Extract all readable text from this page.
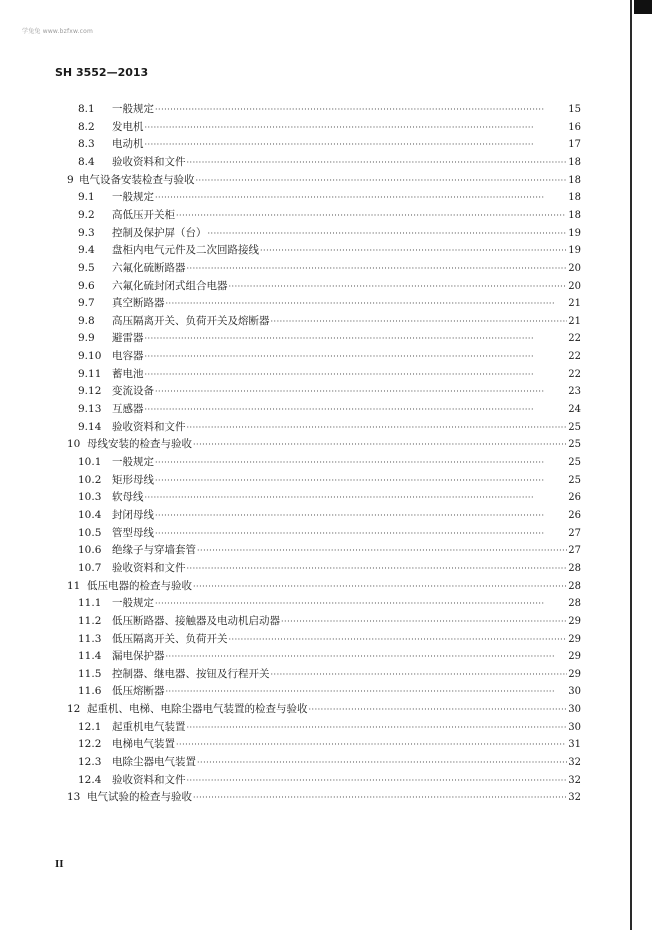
学兔兔 www.bzfxw.com
SH 3552—2013
8.1	一般规定 ·····	15
8.2	发电机 ·····	16
8.3	电动机 ·····	17
8.4	验收资料和文件 ·····	18
9 电气设备安装检查与验收 ·····	18
9.1	一般规定 ·····	18
9.2	高低压开关柜 ·····	18
9.3	控制及保护屏（台） ·····	19
9.4	盘柜内电气元件及二次回路接线 ·····	19
9.5	六氟化硫断路器 ·····	20
9.6	六氟化硫封闭式组合电器 ·····	20
9.7	真空断路器 ·····	21
9.8	高压隔离开关、负荷开关及熔断器 ·····	21
9.9	避雷器 ·····	22
9.10	电容器 ·····	22
9.11	蓄电池 ·····	22
9.12	变流设备 ·····	23
9.13	互感器 ·····	24
9.14	验收资料和文件 ·····	25
10 母线安装的检查与验收 ·····	25
10.1	一般规定 ·····	25
10.2	矩形母线 ·····	25
10.3	软母线 ·····	26
10.4	封闭母线 ·····	26
10.5	管型母线 ·····	27
10.6	绝缘子与穿墙套管 ·····	27
10.7	验收资料和文件 ·····	28
11 低压电器的检查与验收 ·····	28
11.1	一般规定 ·····	28
11.2	低压断路器、接触器及电动机启动器 ·····	29
11.3	低压隔离开关、负荷开关 ·····	29
11.4	漏电保护器 ·····	29
11.5	控制器、继电器、按钮及行程开关 ·····	29
11.6	低压熔断器 ·····	30
12 起重机、电梯、电除尘器电气装置的检查与验收 ·····	30
12.1	起重机电气装置 ·····	30
12.2	电梯电气装置 ·····	31
12.3	电除尘器电气装置 ·····	32
12.4	验收资料和文件 ·····	32
13 电气试验的检查与验收 ·····	32
II
